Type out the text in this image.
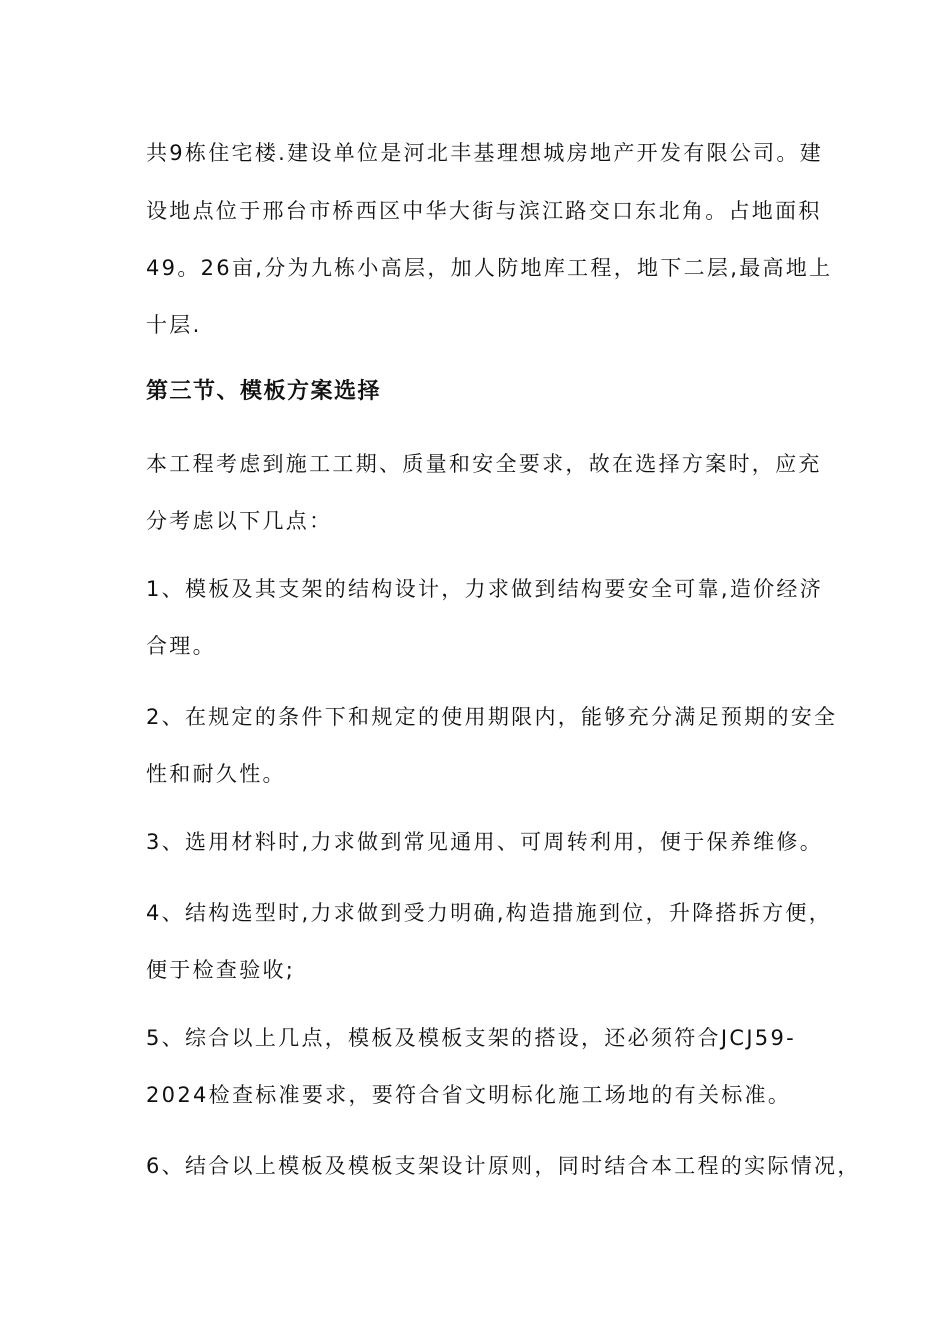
共9栋住宅楼.建设单位是河北丰基理想城房地产开发有限公司。建
设地点位于邢台市桥西区中华大街与滨江路交口东北角。占地面积
49。26亩,分为九栋小高层，加人防地库工程，地下二层,最高地上
十层.
第三节、模板方案选择
本工程考虑到施工工期、质量和安全要求，故在选择方案时，应充
分考虑以下几点：
1、模板及其支架的结构设计，力求做到结构要安全可靠,造价经济
合理。
2、在规定的条件下和规定的使用期限内，能够充分满足预期的安全
性和耐久性。
3、选用材料时,力求做到常见通用、可周转利用，便于保养维修。
4、结构选型时,力求做到受力明确,构造措施到位，升降搭拆方便，
便于检查验收;
5、综合以上几点，模板及模板支架的搭设，还必须符合JCJ59-
2024检查标准要求，要符合省文明标化施工场地的有关标准。
6、结合以上模板及模板支架设计原则，同时结合本工程的实际情况，
